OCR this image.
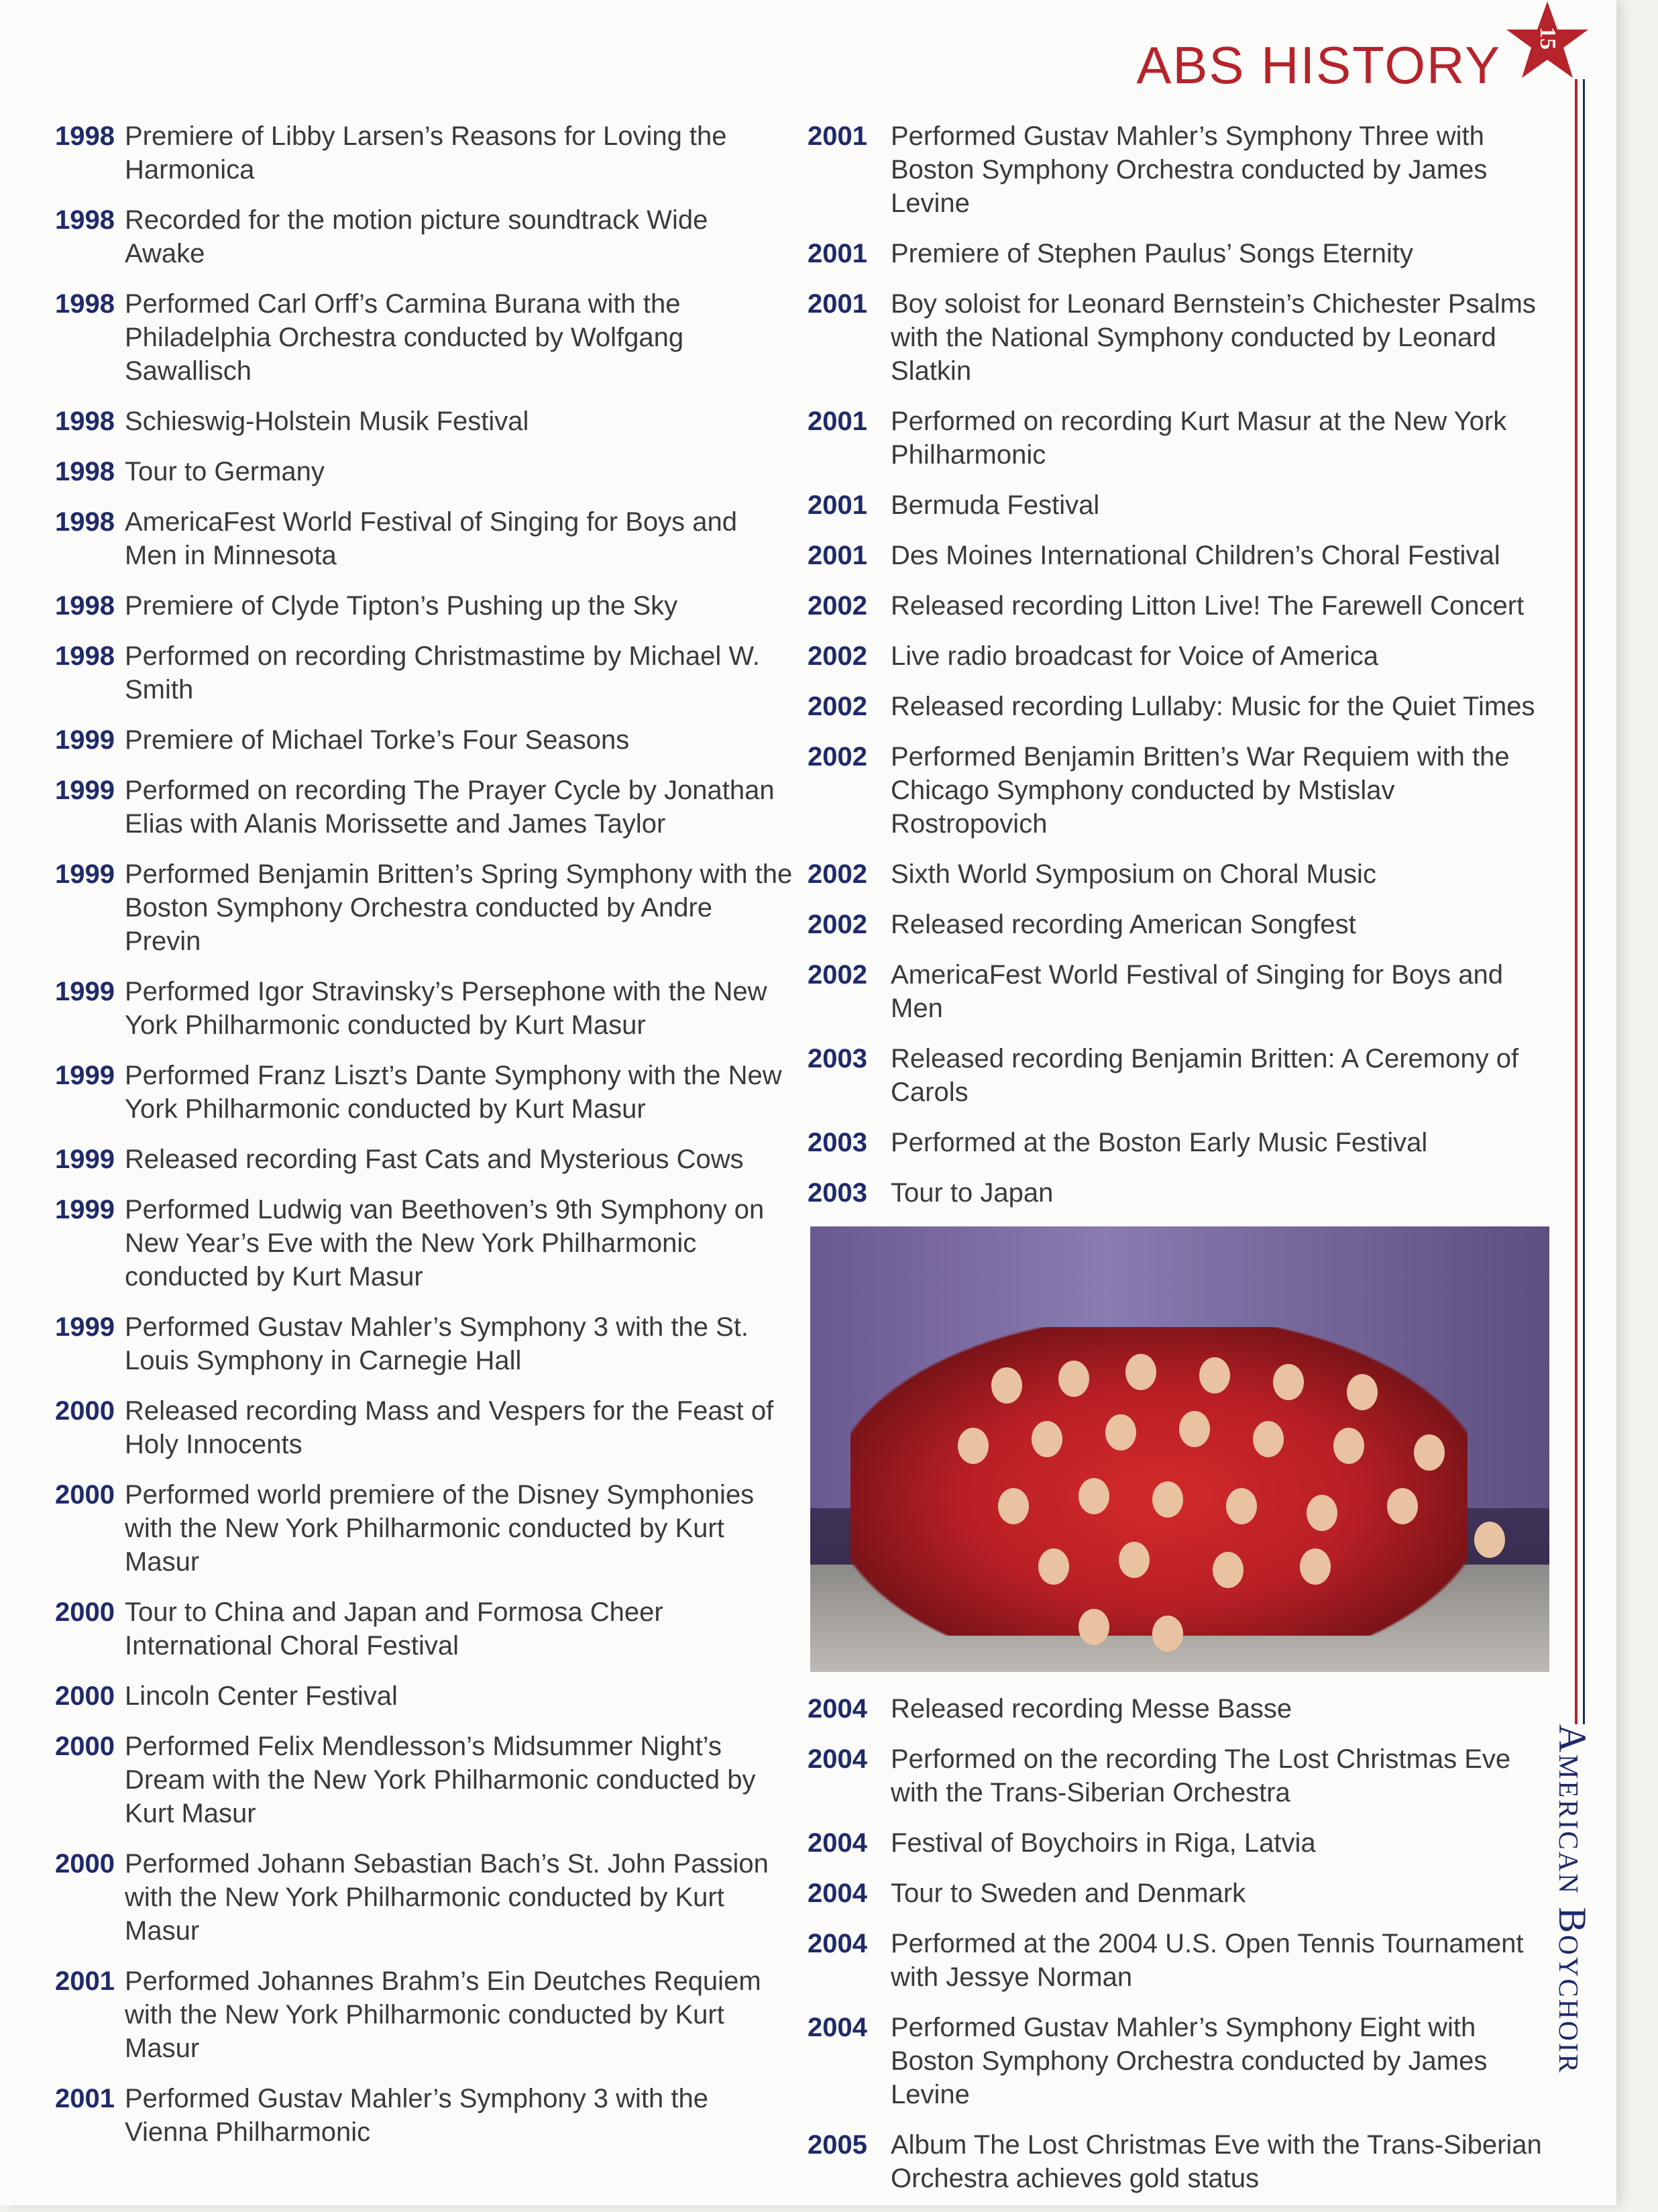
ABS HISTORY 15
American Boychoir
1998 Premiere of Libby Larsen’s Reasons for Loving the Harmonica
1998 Recorded for the motion picture soundtrack Wide Awake
1998 Performed Carl Orff’s Carmina Burana with the Philadelphia Orchestra conducted by Wolfgang Sawallisch
1998 Schieswig-Holstein Musik Festival
1998 Tour to Germany
1998 AmericaFest World Festival of Singing for Boys and Men in Minnesota
1998 Premiere of Clyde Tipton’s Pushing up the Sky
1998 Performed on recording Christmastime by Michael W. Smith
1999 Premiere of Michael Torke’s Four Seasons
1999 Performed on recording The Prayer Cycle by Jonathan Elias with Alanis Morissette and James Taylor
1999 Performed Benjamin Britten’s Spring Symphony with the Boston Symphony Orchestra conducted by Andre Previn
1999 Performed Igor Stravinsky’s Persephone with the New York Philharmonic conducted by Kurt Masur
1999 Performed Franz Liszt’s Dante Symphony with the New York Philharmonic conducted by Kurt Masur
1999 Released recording Fast Cats and Mysterious Cows
1999 Performed Ludwig van Beethoven’s 9th Symphony on New Year’s Eve with the New York Philharmonic conducted by Kurt Masur
1999 Performed Gustav Mahler’s Symphony 3 with the St. Louis Symphony in Carnegie Hall
2000 Released recording Mass and Vespers for the Feast of Holy Innocents
2000 Performed world premiere of the Disney Symphonies with the New York Philharmonic conducted by Kurt Masur
2000 Tour to China and Japan and Formosa Cheer International Choral Festival
2000 Lincoln Center Festival
2000 Performed Felix Mendlesson’s Midsummer Night’s Dream with the New York Philharmonic conducted by Kurt Masur
2000 Performed Johann Sebastian Bach’s St. John Passion with the New York Philharmonic conducted by Kurt Masur
2001 Performed Johannes Brahm’s Ein Deutches Requiem with the New York Philharmonic conducted by Kurt Masur
2001 Performed Gustav Mahler’s Symphony 3 with the Vienna Philharmonic
2001 Performed Gustav Mahler’s Symphony Three with Boston Symphony Orchestra conducted by James Levine
2001 Premiere of Stephen Paulus’ Songs Eternity
2001 Boy soloist for Leonard Bernstein’s Chichester Psalms with the National Symphony conducted by Leonard Slatkin
2001 Performed on recording Kurt Masur at the New York Philharmonic
2001 Bermuda Festival
2001 Des Moines International Children’s Choral Festival
2002 Released recording Litton Live! The Farewell Concert
2002 Live radio broadcast for Voice of America
2002 Released recording Lullaby: Music for the Quiet Times
2002 Performed Benjamin Britten’s War Requiem with the Chicago Symphony conducted by Mstislav Rostropovich
2002 Sixth World Symposium on Choral Music
2002 Released recording American Songfest
2002 AmericaFest World Festival of Singing for Boys and Men
2003 Released recording Benjamin Britten: A Ceremony of Carols
2003 Performed at the Boston Early Music Festival
2003 Tour to Japan
2004 Released recording Messe Basse
2004 Performed on the recording The Lost Christmas Eve with the Trans-Siberian Orchestra
2004 Festival of Boychoirs in Riga, Latvia
2004 Tour to Sweden and Denmark
2004 Performed at the 2004 U.S. Open Tennis Tournament with Jessye Norman
2004 Performed Gustav Mahler’s Symphony Eight with Boston Symphony Orchestra conducted by James Levine
2005 Album The Lost Christmas Eve with the Trans-Siberian Orchestra achieves gold status
